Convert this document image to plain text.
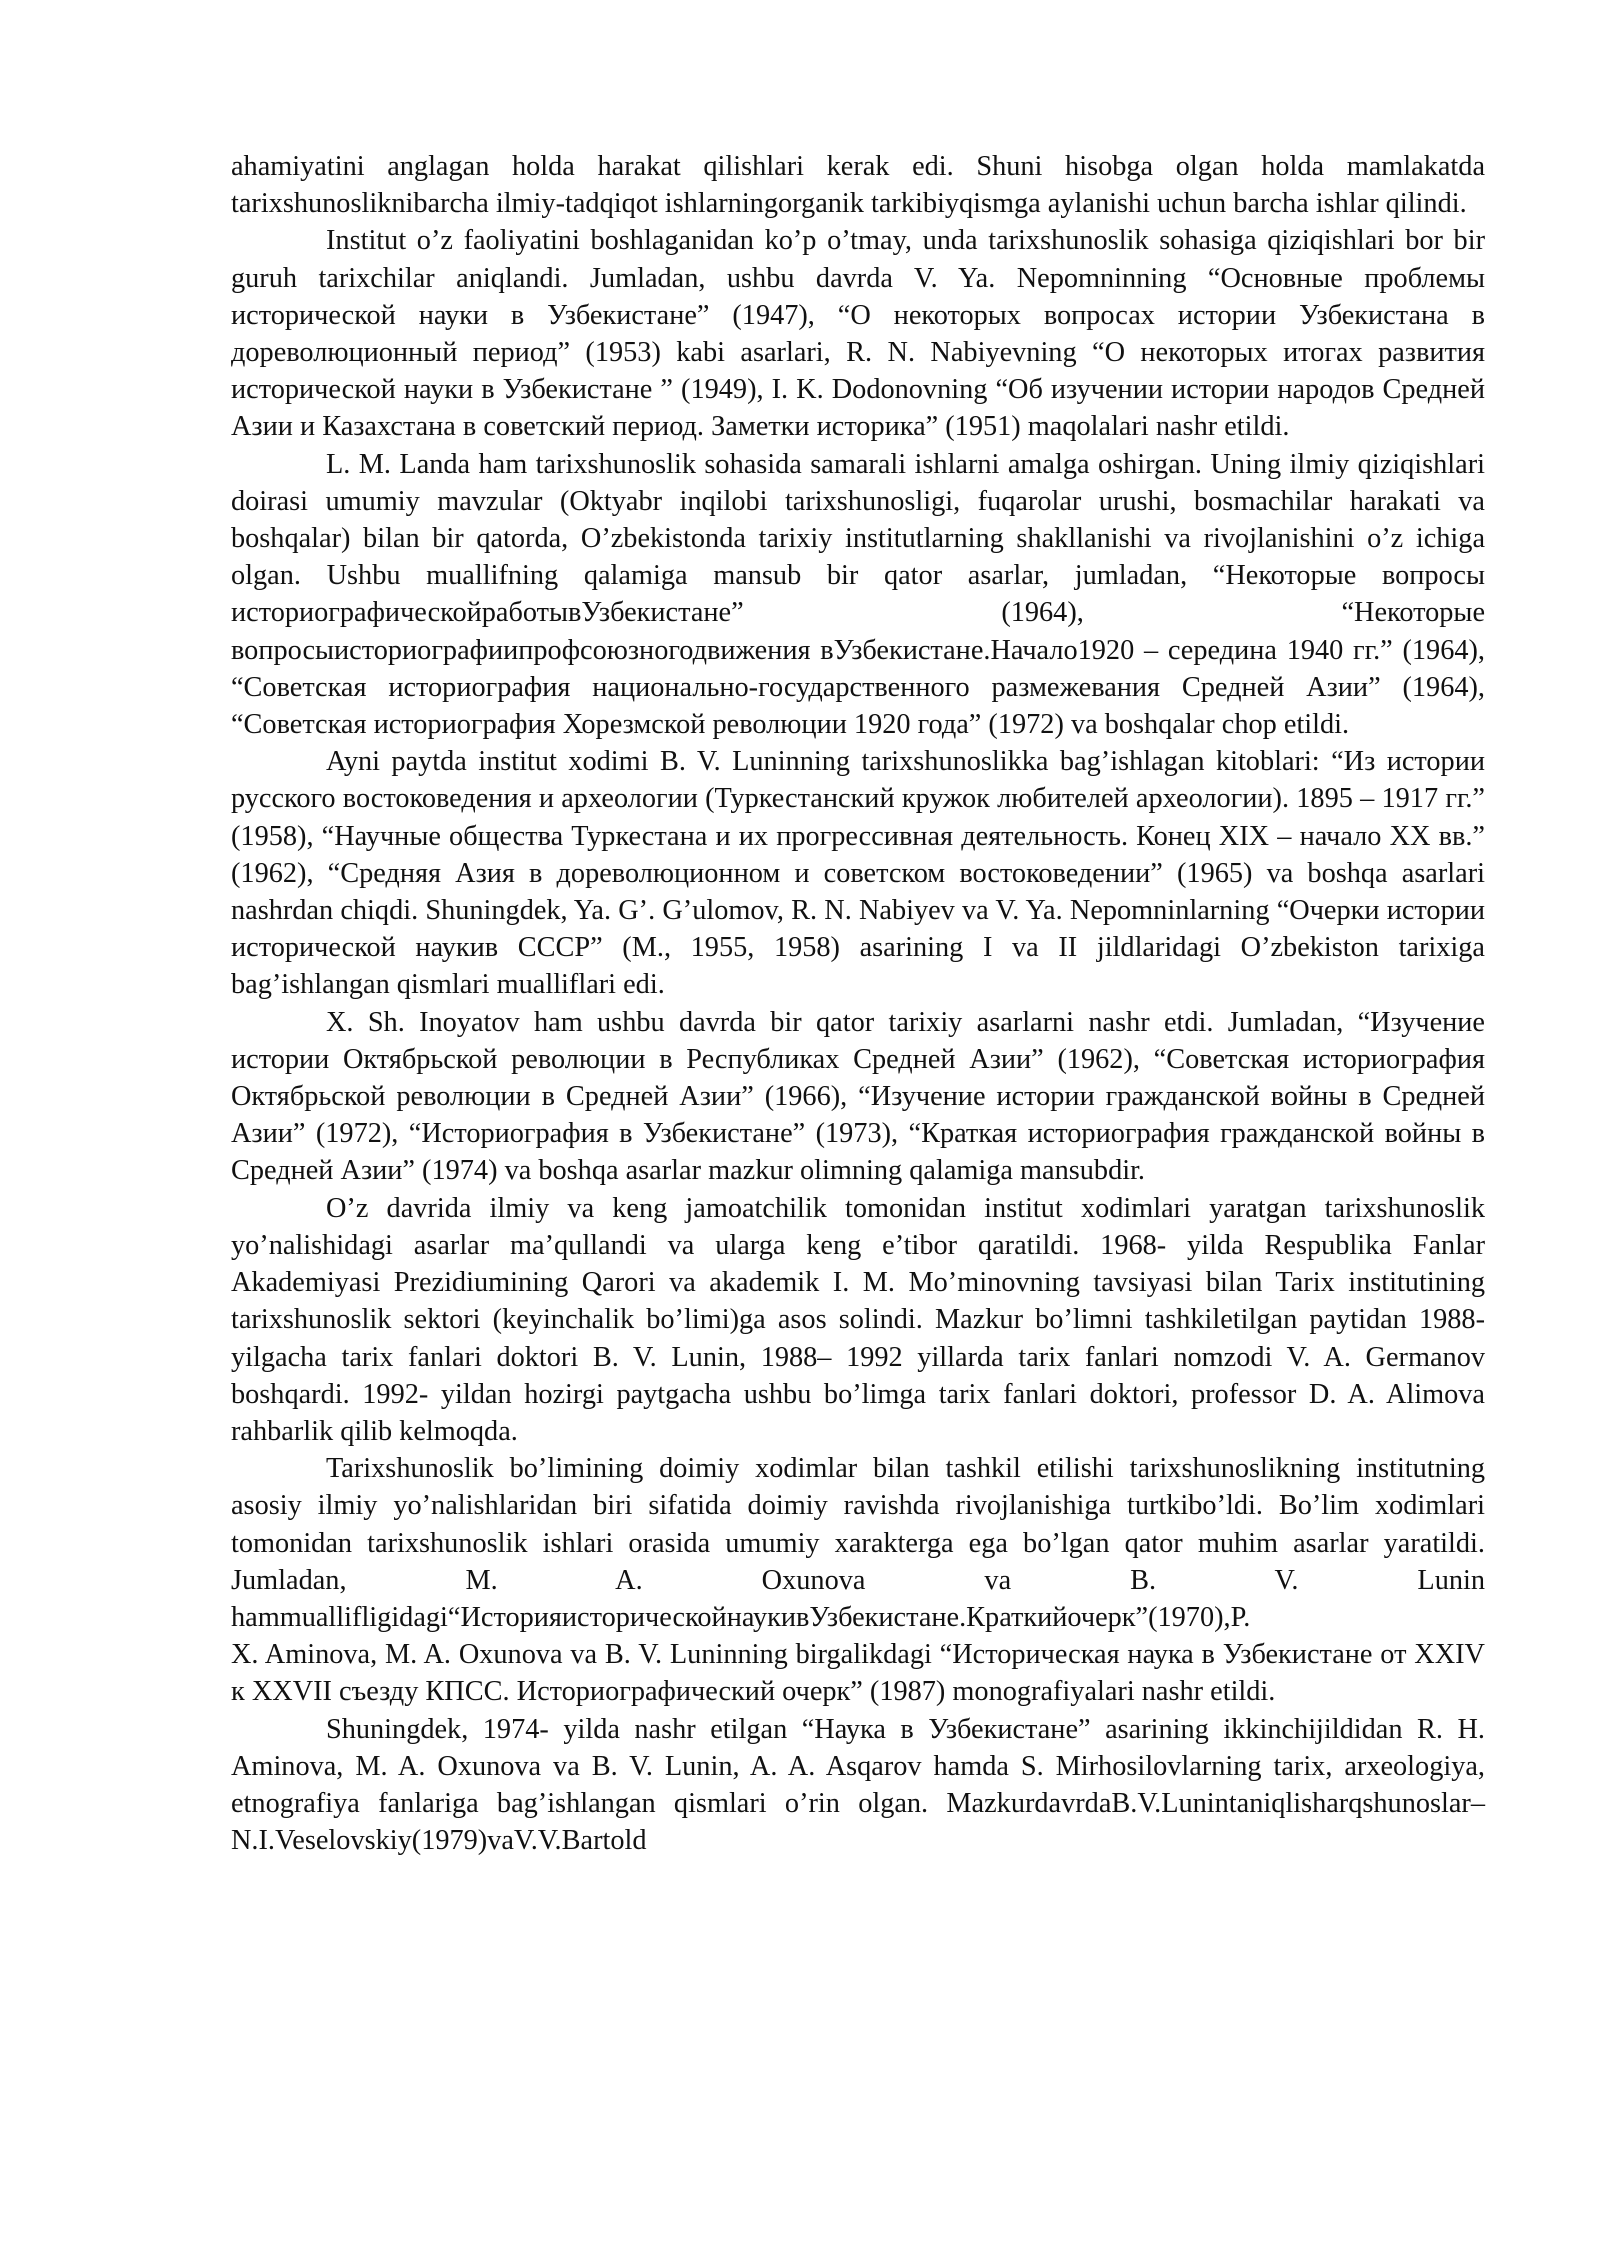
ahamiyatini anglagan holda harakat qilishlari kerak edi. Shuni hisobga olgan holda mamlakatda tarixshunosliknibarcha ilmiy-tadqiqot ishlarningorganik tarkibiyqismga aylanishi uchun barcha ishlar qilindi.

Institut o’z faoliyatini boshlaganidan ko’p o’tmay, unda tarixshunoslik sohasiga qiziqishlari bor bir guruh tarixchilar aniqlandi. Jumladan, ushbu davrda V. Ya. Nepomninning “Основные проблемы исторической науки в Узбекистане” (1947), “О некоторых вопросах истории Узбекистана в дореволюционный период” (1953) kabi asarlari, R. N. Nabiyevning “О некоторых итогах развития исторической науки в Узбекистане ” (1949), I. K. Dodonovning “Об изучении истории народов Средней Азии и Казахстана в советский период. Заметки историка” (1951) maqolalari nashr etildi.

L. M. Landa ham tarixshunoslik sohasida samarali ishlarni amalga oshirgan. Uning ilmiy qiziqishlari doirasi umumiy mavzular (Oktyabr inqilobi tarixshunosligi, fuqarolar urushi, bosmachilar harakati va boshqalar) bilan bir qatorda, O’zbekistonda tarixiy institutlarning shakllanishi va rivojlanishini o’z ichiga olgan. Ushbu muallifning qalamiga mansub bir qator asarlar, jumladan, “Некоторые вопросы историографическойработывУзбекистане” (1964), “Некоторые вопросыисториографиипрофсоюзногодвижения вУзбекистане.Начало1920 – середина 1940 гг.” (1964), “Советская историография национально-государственного размежевания Средней Азии” (1964), “Советская историография Хорезмской революции 1920 года” (1972) va boshqalar chop etildi.

Ayni paytda institut xodimi B. V. Luninning tarixshunoslikka bag’ishlagan kitoblari: “Из истории русского востоковедения и археологии (Туркестанский кружок любителей археологии). 1895 – 1917 гг.” (1958), “Научные общества Туркестана и их прогрессивная деятельность. Конец XIX – начало XX вв.” (1962), “Средняя Азия в дореволюционном и советском востоковедении” (1965) va boshqa asarlari nashrdan chiqdi. Shuningdek, Ya. G’. G’ulomov, R. N. Nabiyev va V. Ya. Nepomninlarning “Очерки истории исторической наукив СССР” (M., 1955, 1958) asarining I va II jildlaridagi O’zbekiston tarixiga bag’ishlangan qismlari mualliflari edi.

X. Sh. Inoyatov ham ushbu davrda bir qator tarixiy asarlarni nashr etdi. Jumladan, “Изучение истории Октябрьской революции в Республиках Средней Азии” (1962), “Советская историография Октябрьской революции в Средней Азии” (1966), “Изучение истории гражданской войны в Средней Азии” (1972), “Историография в Узбекистане” (1973), “Краткая историография гражданской войны в Средней Азии” (1974) va boshqa asarlar mazkur olimning qalamiga mansubdir.

O’z davrida ilmiy va keng jamoatchilik tomonidan institut xodimlari yaratgan tarixshunoslik yo’nalishidagi asarlar ma’qullandi va ularga keng e’tibor qaratildi. 1968- yilda Respublika Fanlar Akademiyasi Prezidiumining Qarori va akademik I. M. Mo’minovning tavsiyasi bilan Tarix institutining tarixshunoslik sektori (keyinchalik bo’limi)ga asos solindi. Mazkur bo’limni tashkiletilgan paytidan 1988- yilgacha tarix fanlari doktori B. V. Lunin, 1988– 1992 yillarda tarix fanlari nomzodi V. A. Germanov boshqardi. 1992- yildan hozirgi paytgacha ushbu bo’limga tarix fanlari doktori, professor D. A. Alimova rahbarlik qilib kelmoqda.

Tarixshunoslik bo’limining doimiy xodimlar bilan tashkil etilishi tarixshunoslikning institutning asosiy ilmiy yo’nalishlaridan biri sifatida doimiy ravishda rivojlanishiga turtkibo’ldi. Bo’lim xodimlari tomonidan tarixshunoslik ishlari orasida umumiy xarakterga ega bo’lgan qator muhim asarlar yaratildi. Jumladan, M. A. Oxunova va B. V. Lunin hammuallifligidagi“ИсторияисторическойнаукивУзбекистане.Краткийочерк”(1970),P.

X. Aminova, M. A. Oxunova va B. V. Luninning birgalikdagi “Историческая наука в Узбекистане от XXIV к XXVII съезду КПСС. Историографический очерк” (1987) monografiyalari nashr etildi.

Shuningdek, 1974- yilda nashr etilgan “Наука в Узбекистане” asarining ikkinchijildidan R. H. Aminova, M. A. Oxunova va B. V. Lunin, A. A. Asqarov hamda S. Mirhosilovlarning tarix, arxeologiya, etnografiya fanlariga bag’ishlangan qismlari o’rin olgan. MazkurdavrdaB.V.Lunintaniqlisharqshunoslar–N.I.Veselovskiy(1979)vaV.V.Bartold
